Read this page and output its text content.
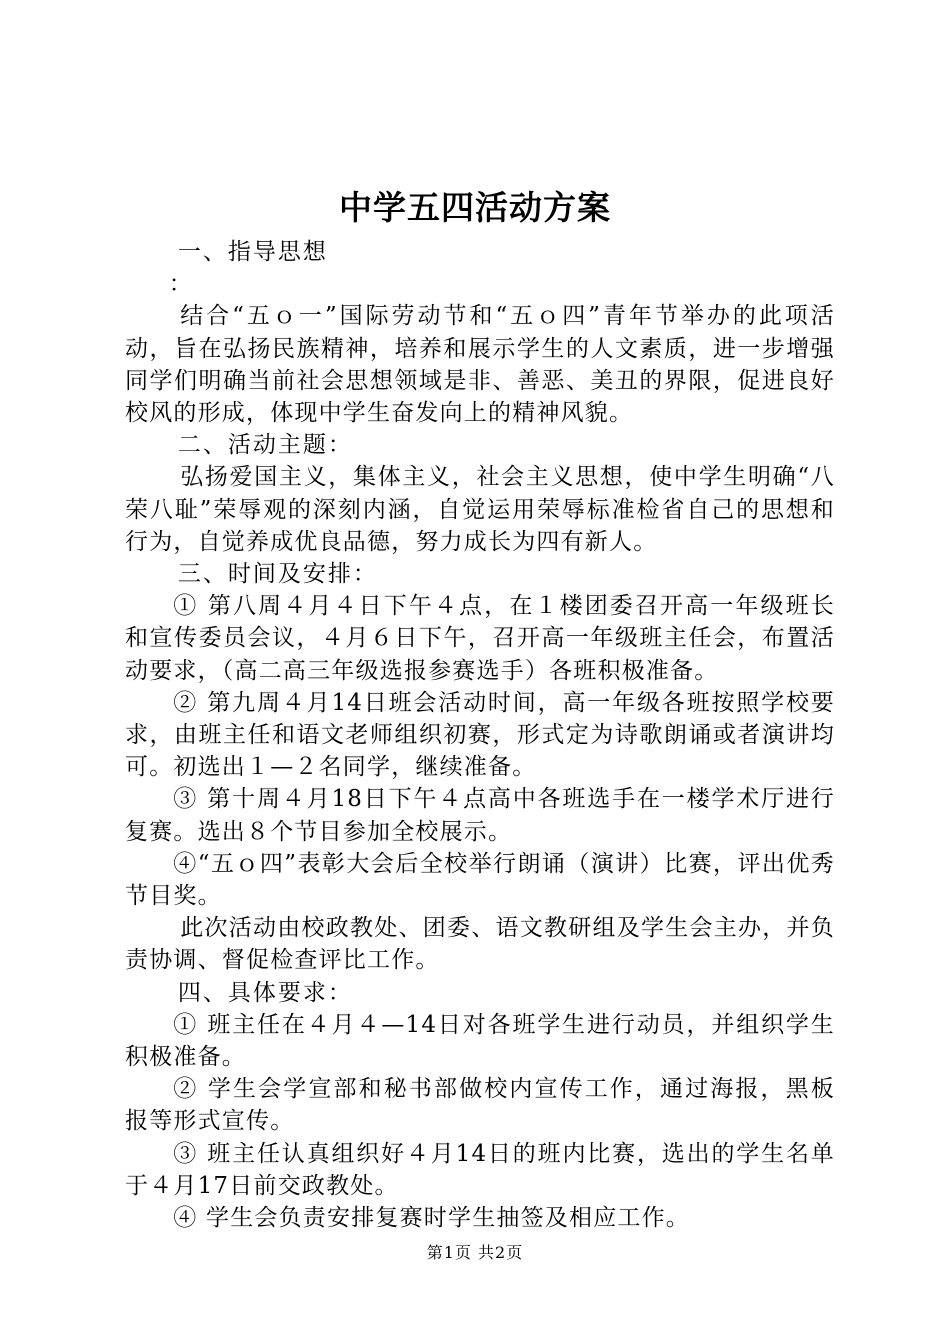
中学五四活动方案

一、指导思想

：

结合“五ｏ一”国际劳动节和“五ｏ四”青年节举办的此项活动，旨在弘扬民族精神，培养和展示学生的人文素质，进一步增强同学们明确当前社会思想领域是非、善恶、美丑的界限，促进良好校风的形成，体现中学生奋发向上的精神风貌。

二、活动主题：

弘扬爱国主义，集体主义，社会主义思想，使中学生明确“八荣八耻”荣辱观的深刻内涵，自觉运用荣辱标准检省自己的思想和行为，自觉养成优良品德，努力成长为四有新人。

三、时间及安排：

① 第八周４月４日下午４点，在１楼团委召开高一年级班长和宣传委员会议，４月６日下午，召开高一年级班主任会，布置活动要求，（高二高三年级选报参赛选手）各班积极准备。

② 第九周４月14日班会活动时间，高一年级各班按照学校要求，由班主任和语文老师组织初赛，形式定为诗歌朗诵或者演讲均可。初选出１—２名同学，继续准备。

③ 第十周４月18日下午４点高中各班选手在一楼学术厅进行复赛。选出８个节目参加全校展示。

④“五ｏ四”表彰大会后全校举行朗诵（演讲）比赛，评出优秀节目奖。

此次活动由校政教处、团委、语文教研组及学生会主办，并负责协调、督促检查评比工作。

四、具体要求：

① 班主任在４月４—14日对各班学生进行动员，并组织学生积极准备。

② 学生会学宣部和秘书部做校内宣传工作，通过海报，黑板报等形式宣传。

③ 班主任认真组织好４月14日的班内比赛，选出的学生名单于４月17日前交政教处。

④ 学生会负责安排复赛时学生抽签及相应工作。

第1页 共2页
